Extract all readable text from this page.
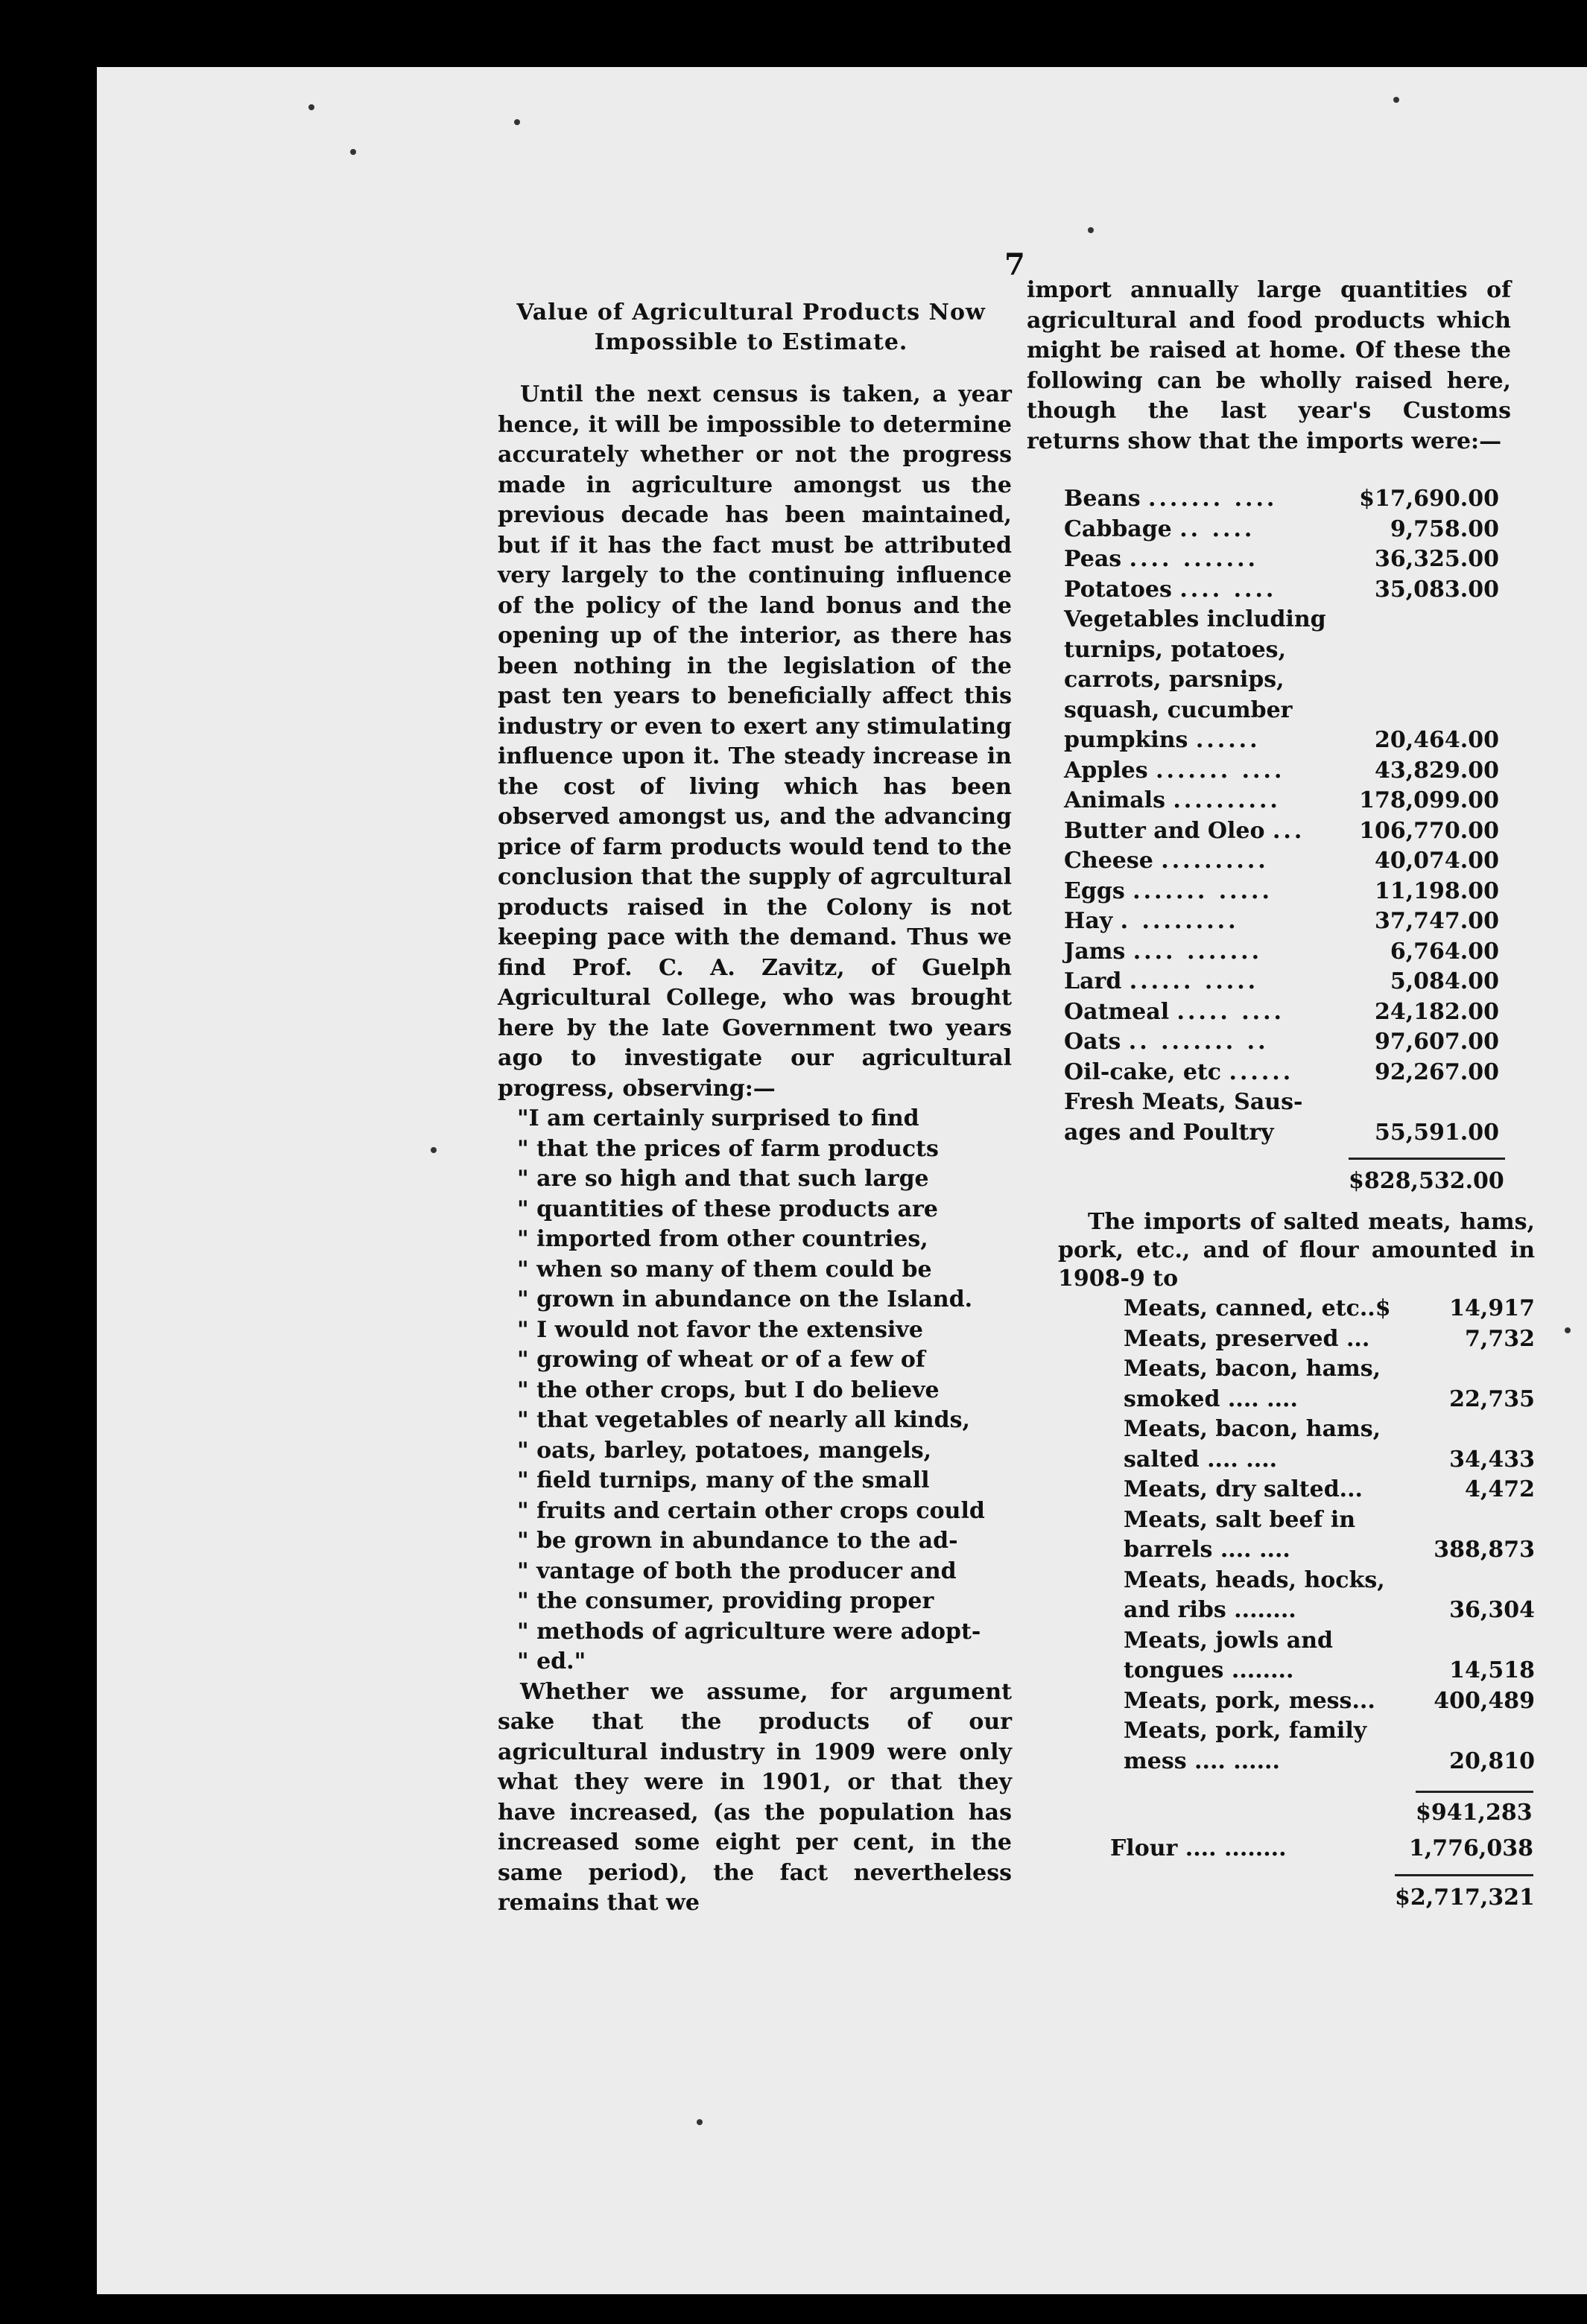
7
Value of Agricultural Products Now
Impossible to Estimate.

Until the next census is taken, a year hence, it will be impossible to determine accurately whether or not the progress made in agriculture amongst us the previous decade has been maintained, but if it has the fact must be attributed very largely to the continuing influence of the policy of the land bonus and the opening up of the interior, as there has been nothing in the legislation of the past ten years to beneficially affect this industry or even to exert any stimulating influence upon it. The steady increase in the cost of living which has been observed amongst us, and the advancing price of farm products would tend to the conclusion that the supply of agrcultural products raised in the Colony is not keeping pace with the demand. Thus we find Prof. C. A. Zavitz, of Guelph Agricultural College, who was brought here by the late Government two years ago to investigate our agricultural progress, observing:—

"I am certainly surprised to find
" that the prices of farm products
" are so high and that such large
" quantities of these products are
" imported from other countries,
" when so many of them could be
" grown in abundance on the Island.
" I would not favor the extensive
" growing of wheat or of a few of
" the other crops, but I do believe
" that vegetables of nearly all kinds,
" oats, barley, potatoes, mangels,
" field turnips, many of the small
" fruits and certain other crops could
" be grown in abundance to the ad-
" vantage of both the producer and
" the consumer, providing proper
" methods of agriculture were adopt-
" ed."

Whether we assume, for argument sake that the products of our agricultural industry in 1909 were only what they were in 1901, or that they have increased, (as the population has increased some eight per cent, in the same period), the fact nevertheless remains that we

import annually large quantities of agricultural and food products which might be raised at home. Of these the following can be wholly raised here, though the last year's Customs returns show that the imports were:—

Beans ....... ....	$17,690.00
Cabbage .. ....	9,758.00
Peas .... .......	36,325.00
Potatoes .... ....	35,083.00
Vegetables including	
turnips, potatoes,	
carrots, parsnips,	
squash, cucumber	
pumpkins ......	20,464.00
Apples ....... ....	43,829.00
Animals ..........	178,099.00
Butter and Oleo ...	106,770.00
Cheese ..........	40,074.00
Eggs ....... .....	11,198.00
Hay . .........	37,747.00
Jams .... .......	6,764.00
Lard ...... .....	5,084.00
Oatmeal ..... ....	24,182.00
Oats .. ....... ..	97,607.00
Oil-cake, etc ......	92,267.00
Fresh Meats, Saus-	
ages and Poultry	55,591.00
$828,532.00
The imports of salted meats, hams, pork, etc., and of flour amounted in 1908-9 to
Meats, canned, etc..$	14,917
Meats, preserved ...	7,732
Meats, bacon, hams,	
smoked .... ....	22,735
Meats, bacon, hams,	
salted .... ....	34,433
Meats, dry salted...	4,472
Meats, salt beef in	
barrels .... ....	388,873
Meats, heads, hocks,	
and ribs ........	36,304
Meats, jowls and	
tongues ........	14,518
Meats, pork, mess...	400,489
Meats, pork, family	
mess .... ......	20,810
$941,283
Flour .... ........	1,776,038
$2,717,321
